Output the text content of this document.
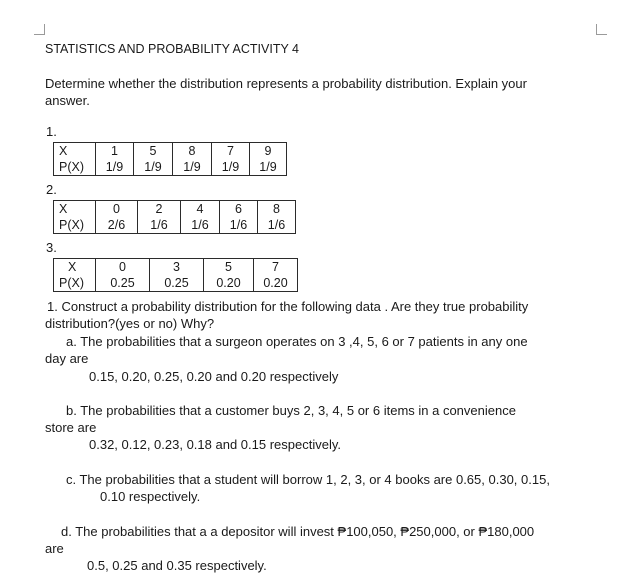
STATISTICS AND PROBABILITY ACTIVITY 4
Determine whether the distribution represents a probability distribution. Explain your
answer.
1.
X	1	5	8	7	9
P(X)	1/9	1/9	1/9	1/9	1/9
2.
X	0	2	4	6	8
P(X)	2/6	1/6	1/6	1/6	1/6
3.
X	0	3	5	7
P(X)	0.25	0.25	0.20	0.20
1. Construct a probability distribution for the following data . Are they true probability
distribution?(yes or no) Why?
a. The probabilities that a surgeon operates on 3 ,4, 5, 6 or 7 patients in any one
day are
0.15, 0.20, 0.25, 0.20 and 0.20 respectively
b. The probabilities that a customer buys 2, 3, 4, 5 or 6 items in a convenience
store are
0.32, 0.12, 0.23, 0.18 and 0.15 respectively.
c. The probabilities that a student will borrow 1, 2, 3, or 4 books are 0.65, 0.30, 0.15,
0.10 respectively.
d. The probabilities that a a depositor will invest ₱100,050, ₱250,000, or ₱180,000
are
0.5, 0.25 and 0.35 respectively.
